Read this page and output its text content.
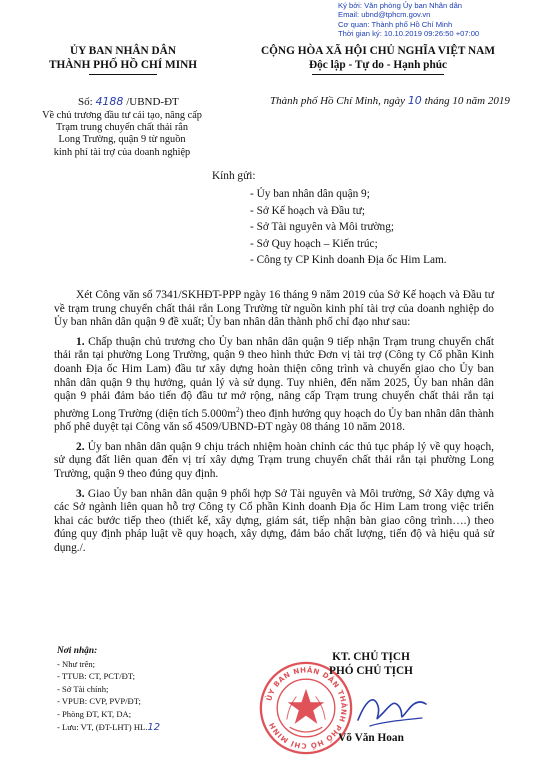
Ký bởi: Văn phòng Ủy ban Nhân dân
Email: ubnd@tphcm.gov.vn
Cơ quan: Thành phố Hồ Chí Minh
Thời gian ký: 10.10.2019 09:26:50 +07:00
ỦY BAN NHÂN DÂN
THÀNH PHỐ HỒ CHÍ MINH
CỘNG HÒA XÃ HỘI CHỦ NGHĨA VIỆT NAM
Độc lập - Tự do - Hạnh phúc
Số: 4188 /UBND-ĐT	Thành phố Hồ Chí Minh, ngày 10 tháng 10 năm 2019
Về chủ trương đầu tư cải tạo, nâng cấp
Trạm trung chuyển chất thải rắn
Long Trường, quận 9 từ nguồn
kinh phí tài trợ của doanh nghiệp
Kính gửi:
- Ủy ban nhân dân quận 9;
- Sở Kế hoạch và Đầu tư;
- Sở Tài nguyên và Môi trường;
- Sở Quy hoạch – Kiến trúc;
- Công ty CP Kinh doanh Địa ốc Him Lam.

Xét Công văn số 7341/SKHĐT-PPP ngày 16 tháng 9 năm 2019 của Sở Kế hoạch và Đầu tư về trạm trung chuyển chất thải rắn Long Trường từ nguồn kinh phí tài trợ của doanh nghiệp do Ủy ban nhân dân quận 9 đề xuất; Ủy ban nhân dân thành phố chỉ đạo như sau:

1. Chấp thuận chủ trương cho Ủy ban nhân dân quận 9 tiếp nhận Trạm trung chuyển chất thải rắn tại phường Long Trường, quận 9 theo hình thức Đơn vị tài trợ (Công ty Cổ phần Kinh doanh Địa ốc Him Lam) đầu tư xây dựng hoàn thiện công trình và chuyển giao cho Ủy ban nhân dân quận 9 thụ hưởng, quản lý và sử dụng. Tuy nhiên, đến năm 2025, Ủy ban nhân dân quận 9 phải đảm bảo tiến độ đầu tư mở rộng, nâng cấp Trạm trung chuyển chất thải rắn tại phường Long Trường (diện tích $5.000m^2$) theo định hướng quy hoạch do Ủy ban nhân dân thành phố phê duyệt tại Công văn số 4509/UBND-ĐT ngày 08 tháng 10 năm 2018.

2. Ủy ban nhân dân quận 9 chịu trách nhiệm hoàn chỉnh các thủ tục pháp lý về quy hoạch, sử dụng đất liên quan đến vị trí xây dựng Trạm trung chuyển chất thải rắn tại phường Long Trường, quận 9 theo đúng quy định.

3. Giao Ủy ban nhân dân quận 9 phối hợp Sở Tài nguyên và Môi trường, Sở Xây dựng và các Sở ngành liên quan hỗ trợ Công ty Cổ phần Kinh doanh Địa ốc Him Lam trong việc triển khai các bước tiếp theo (thiết kế, xây dựng, giám sát, tiếp nhận bàn giao công trình….) theo đúng quy định pháp luật về quy hoạch, xây dựng, đảm bảo chất lượng, tiến độ và hiệu quả sử dụng./.

Nơi nhận:
- Như trên;
- TTUB: CT, PCT/ĐT;
- Sở Tài chính;
- VPUB: CVP, PVP/ĐT;
- Phòng ĐT, KT, DA;
- Lưu: VT, (ĐT-LHT) HL.12
ỦY BAN NHÂN DÂN THÀNH PHỐ HỒ CHÍ MINH
KT. CHỦ TỊCH
PHÓ CHỦ TỊCH
Võ Văn Hoan
